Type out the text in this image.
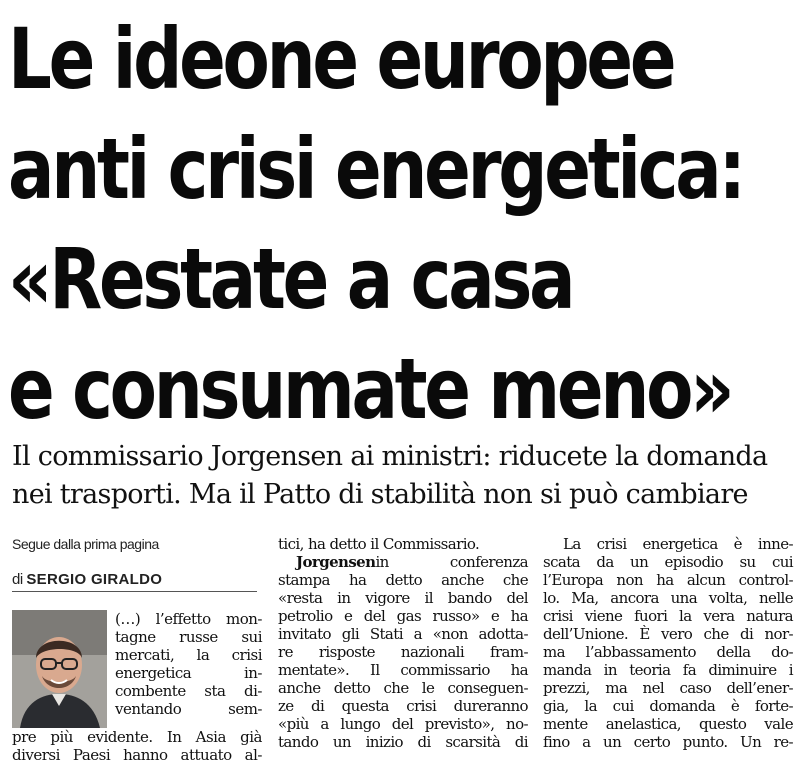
Le ideone europee
anti crisi energetica:
«Restate a casa
e consumate meno»
Il commissario Jorgensen ai ministri: riducete la domanda
nei trasporti. Ma il Patto di stabilità non si può cambiare
Segue dalla prima pagina
di SERGIO GIRALDO
(…) l’effetto mon-
tagne russe sui
mercati, la crisi
energetica in-
combente sta di-
ventando sem-
pre più evidente. In Asia già
diversi Paesi hanno attuato al-
tici, ha detto il Commissario.
Jorgensenin conferenza
stampa ha detto anche che
«resta in vigore il bando del
petrolio e del gas russo» e ha
invitato gli Stati a «non adotta-
re risposte nazionali fram-
mentate». Il commissario ha
anche detto che le conseguen-
ze di questa crisi dureranno
«più a lungo del previsto», no-
tando un inizio di scarsità di
La crisi energetica è inne-
scata da un episodio su cui
l’Europa non ha alcun control-
lo. Ma, ancora una volta, nelle
crisi viene fuori la vera natura
dell’Unione. È vero che di nor-
ma l’abbassamento della do-
manda in teoria fa diminuire i
prezzi, ma nel caso dell’ener-
gia, la cui domanda è forte-
mente anelastica, questo vale
fino a un certo punto. Un re-
